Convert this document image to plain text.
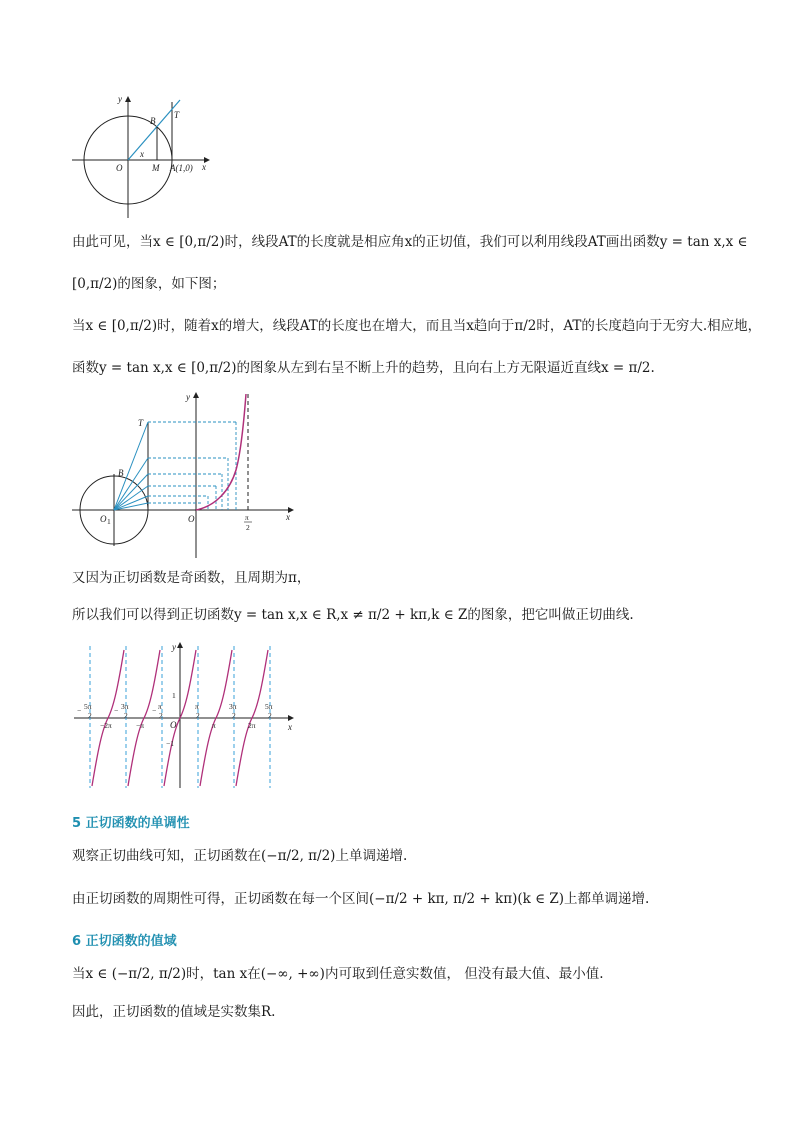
y
x
O
x
B
T
M A(1,0)
由此可见，当x ∈ [0,π/2)时，线段AT的长度就是相应角x的正切值，我们可以利用线段AT画出函数y = tan x,x ∈
[0,π/2)的图象，如下图；
当x ∈ [0,π/2)时，随着x的增大，线段AT的长度也在增大，而且当x趋向于π/2时，AT的长度趋向于无穷大.相应地，
函数y = tan x,x ∈ [0,π/2)的图象从左到右呈不断上升的趋势，且向右上方无限逼近直线x = π/2.
y
x
T
B
O 1	O	π
2
又因为正切函数是奇函数，且周期为π，
所以我们可以得到正切函数y = tan x,x ∈ R,x ≠ π/2 + kπ,k ∈ Z的图象，把它叫做正切曲线.
y
x
O
1
−1
− 5π
2
− 3π
2
− π
2
π
2
3π
2
5π
2
−2π	−π	π	2π
5 正切函数的单调性
观察正切曲线可知，正切函数在(−π/2, π/2)上单调递增.
由正切函数的周期性可得，正切函数在每一个区间(−π/2 + kπ, π/2 + kπ)(k ∈ Z)上都单调递增.
6 正切函数的值域
当x ∈ (−π/2, π/2)时，tan x在(−∞, +∞)内可取到任意实数值， 但没有最大值、最小值.
因此，正切函数的值域是实数集R.
